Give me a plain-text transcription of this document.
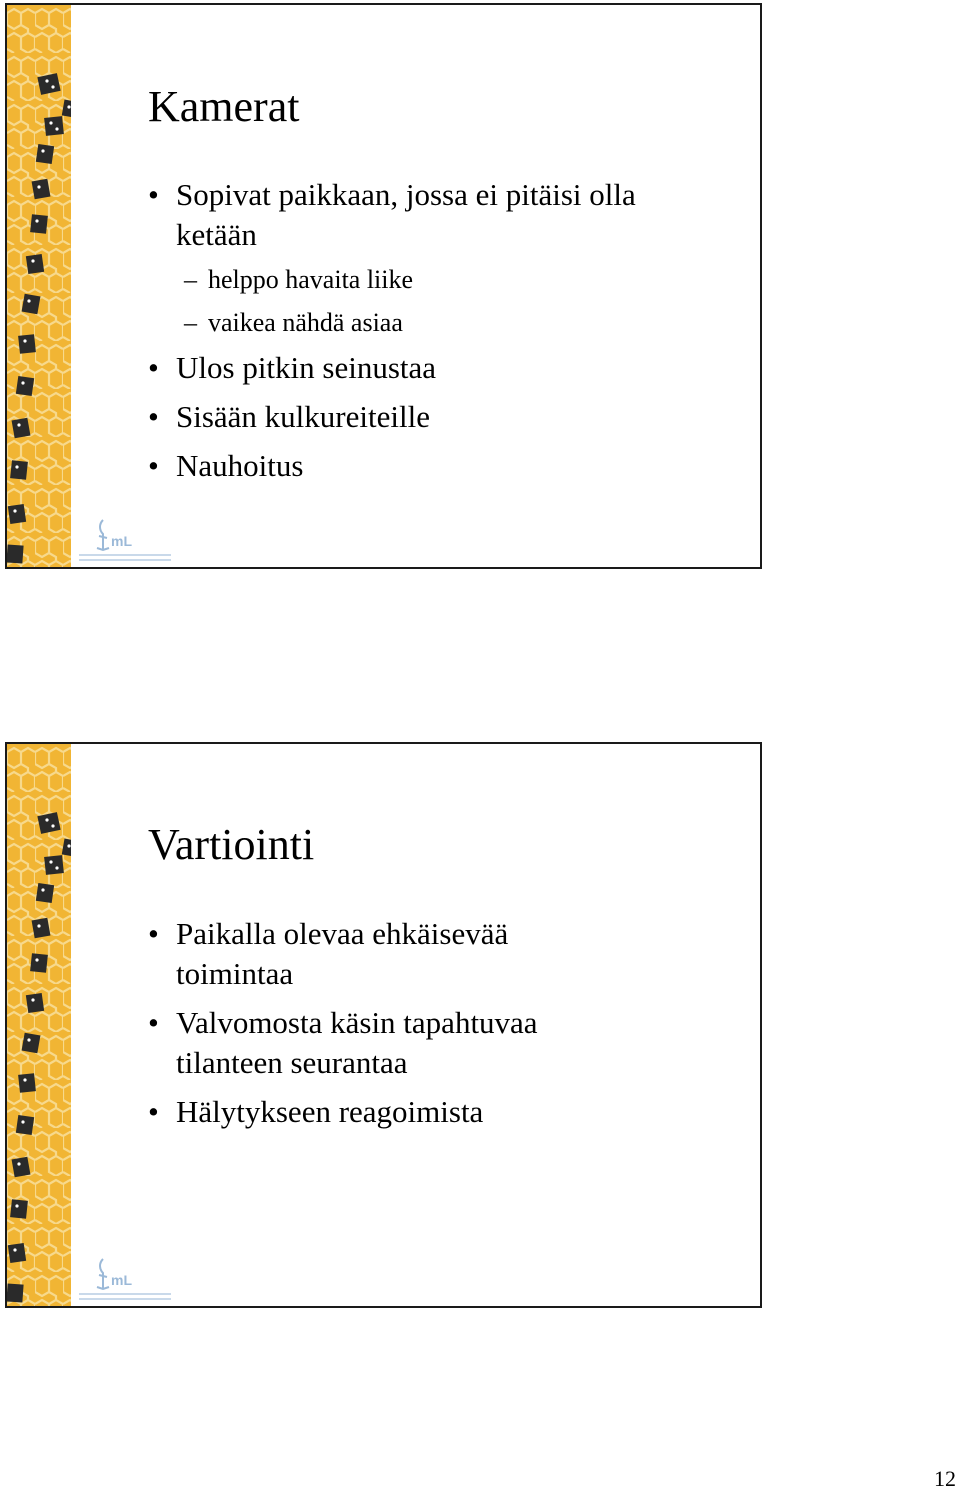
mL
Kamerat
• Sopivat paikkaan, jossa ei pitäisi olla
ketään
– helppo havaita liike
– vaikea nähdä asiaa
• Ulos pitkin seinustaa
• Sisään kulkureiteille
• Nauhoitus
mL
Vartiointi
• Paikalla olevaa ehkäisevää
toimintaa
• Valvomosta käsin tapahtuvaa
tilanteen seurantaa
• Hälytykseen reagoimista
12
